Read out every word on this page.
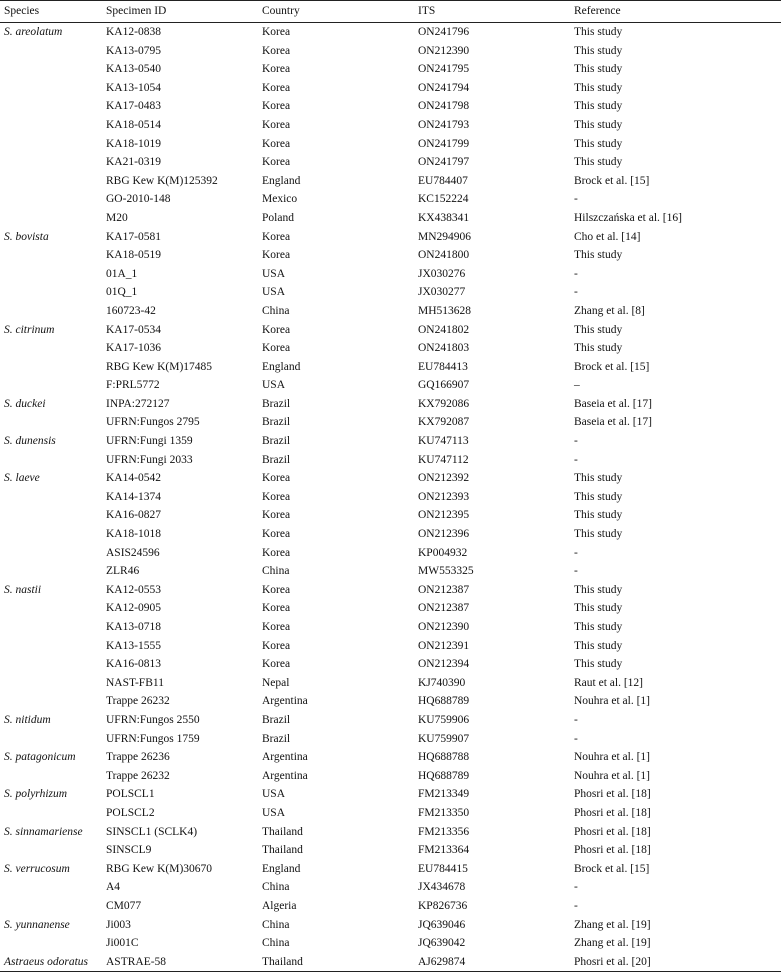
Species	Specimen ID	Country	ITS	Reference
S. areolatum	KA12-0838	Korea	ON241796	This study
	KA13-0795	Korea	ON212390	This study
	KA13-0540	Korea	ON241795	This study
	KA13-1054	Korea	ON241794	This study
	KA17-0483	Korea	ON241798	This study
	KA18-0514	Korea	ON241793	This study
	KA18-1019	Korea	ON241799	This study
	KA21-0319	Korea	ON241797	This study
	RBG Kew K(M)125392	England	EU784407	Brock et al. [15]
	GO-2010-148	Mexico	KC152224	-
	M20	Poland	KX438341	Hilszczańska et al. [16]
S. bovista	KA17-0581	Korea	MN294906	Cho et al. [14]
	KA18-0519	Korea	ON241800	This study
	01A_1	USA	JX030276	-
	01Q_1	USA	JX030277	-
	160723-42	China	MH513628	Zhang et al. [8]
S. citrinum	KA17-0534	Korea	ON241802	This study
	KA17-1036	Korea	ON241803	This study
	RBG Kew K(M)17485	England	EU784413	Brock et al. [15]
	F:PRL5772	USA	GQ166907	–
S. duckei	INPA:272127	Brazil	KX792086	Baseia et al. [17]
	UFRN:Fungos 2795	Brazil	KX792087	Baseia et al. [17]
S. dunensis	UFRN:Fungi 1359	Brazil	KU747113	-
	UFRN:Fungi 2033	Brazil	KU747112	-
S. laeve	KA14-0542	Korea	ON212392	This study
	KA14-1374	Korea	ON212393	This study
	KA16-0827	Korea	ON212395	This study
	KA18-1018	Korea	ON212396	This study
	ASIS24596	Korea	KP004932	-
	ZLR46	China	MW553325	-
S. nastii	KA12-0553	Korea	ON212387	This study
	KA12-0905	Korea	ON212387	This study
	KA13-0718	Korea	ON212390	This study
	KA13-1555	Korea	ON212391	This study
	KA16-0813	Korea	ON212394	This study
	NAST-FB11	Nepal	KJ740390	Raut et al. [12]
	Trappe 26232	Argentina	HQ688789	Nouhra et al. [1]
S. nitidum	UFRN:Fungos 2550	Brazil	KU759906	-
	UFRN:Fungos 1759	Brazil	KU759907	-
S. patagonicum	Trappe 26236	Argentina	HQ688788	Nouhra et al. [1]
	Trappe 26232	Argentina	HQ688789	Nouhra et al. [1]
S. polyrhizum	POLSCL1	USA	FM213349	Phosri et al. [18]
	POLSCL2	USA	FM213350	Phosri et al. [18]
S. sinnamariense	SINSCL1 (SCLK4)	Thailand	FM213356	Phosri et al. [18]
	SINSCL9	Thailand	FM213364	Phosri et al. [18]
S. verrucosum	RBG Kew K(M)30670	England	EU784415	Brock et al. [15]
	A4	China	JX434678	-
	CM077	Algeria	KP826736	-
S. yunnanense	Ji003	China	JQ639046	Zhang et al. [19]
	Ji001C	China	JQ639042	Zhang et al. [19]
Astraeus odoratus	ASTRAE-58	Thailand	AJ629874	Phosri et al. [20]
